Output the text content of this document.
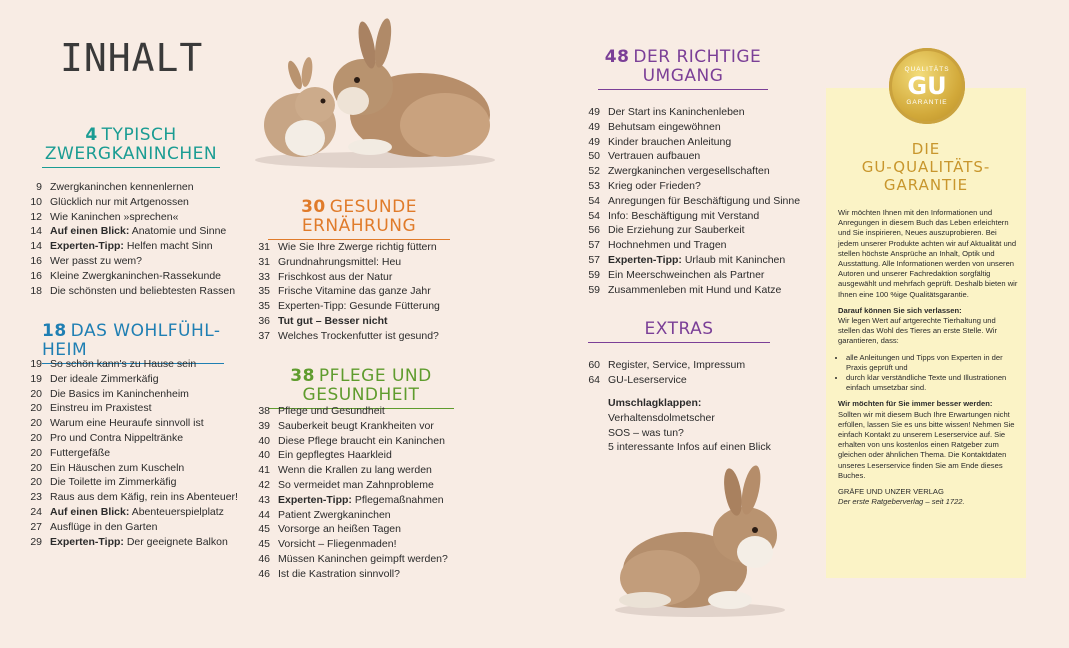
INHALT
4 TYPISCH
ZWERGKANINCHEN
9 Zwergkaninchen kennenlernen
10 Glücklich nur mit Artgenossen
12 Wie Kaninchen »sprechen«
14 Auf einen Blick: Anatomie und Sinne
14 Experten-Tipp: Helfen macht Sinn
16 Wer passt zu wem?
16 Kleine Zwergkaninchen-Rassekunde
18 Die schönsten und beliebtesten Rassen
18 DAS WOHLFÜHL-HEIM
19 So schön kann's zu Hause sein
19 Der ideale Zimmerkäfig
20 Die Basics im Kaninchenheim
20 Einstreu im Praxistest
20 Warum eine Heuraufe sinnvoll ist
20 Pro und Contra Nippeltränke
20 Futtergefäße
20 Ein Häuschen zum Kuscheln
20 Die Toilette im Zimmerkäfig
23 Raus aus dem Käfig, rein ins Abenteuer!
24 Auf einen Blick: Abenteuerspielplatz
27 Ausflüge in den Garten
29 Experten-Tipp: Der geeignete Balkon
30 GESUNDE ERNÄHRUNG
31 Wie Sie Ihre Zwerge richtig füttern
31 Grundnahrungsmittel: Heu
33 Frischkost aus der Natur
35 Frische Vitamine das ganze Jahr
35 Experten-Tipp: Gesunde Fütterung
36 Tut gut – Besser nicht
37 Welches Trockenfutter ist gesund?
38 PFLEGE UND GESUNDHEIT
38 Pflege und Gesundheit
39 Sauberkeit beugt Krankheiten vor
40 Diese Pflege braucht ein Kaninchen
40 Ein gepflegtes Haarkleid
41 Wenn die Krallen zu lang werden
42 So vermeidet man Zahnprobleme
43 Experten-Tipp: Pflegemaßnahmen
44 Patient Zwergkaninchen
45 Vorsorge an heißen Tagen
45 Vorsicht – Fliegenmaden!
46 Müssen Kaninchen geimpft werden?
46 Ist die Kastration sinnvoll?
48 DER RICHTIGE
UMGANG
49 Der Start ins Kaninchenleben
49 Behutsam eingewöhnen
49 Kinder brauchen Anleitung
50 Vertrauen aufbauen
52 Zwergkaninchen vergesellschaften
53 Krieg oder Frieden?
54 Anregungen für Beschäftigung und Sinne
54 Info: Beschäftigung mit Verstand
56 Die Erziehung zur Sauberkeit
57 Hochnehmen und Tragen
57 Experten-Tipp: Urlaub mit Kaninchen
59 Ein Meerschweinchen als Partner
59 Zusammenleben mit Hund und Katze
EXTRAS
60 Register, Service, Impressum
64 GU-Leserservice
Umschlagklappen:
Verhaltensdolmetscher
SOS – was tun?
5 interessante Infos auf einen Blick
QUALITÄTS
GU
GARANTIE
DIE
GU-QUALITÄTS-
GARANTIE

Wir möchten Ihnen mit den Informationen und Anregungen in diesem Buch das Leben erleichtern und Sie inspirieren, Neues auszuprobieren. Bei jedem unserer Produkte achten wir auf Aktualität und stellen höchste Ansprüche an Inhalt, Optik und Ausstattung. Alle Informationen werden von unseren Autoren und unserer Fachredaktion sorgfältig ausgewählt und mehrfach geprüft. Deshalb bieten wir Ihnen eine 100 %ige Qualitätsgarantie.

Darauf können Sie sich verlassen:
Wir legen Wert auf artgerechte Tierhaltung und stellen das Wohl des Tieres an erste Stelle. Wir garantieren, dass:

• alle Anleitungen und Tipps von Experten in der Praxis geprüft und
• durch klar verständliche Texte und Illustrationen einfach umsetzbar sind.

Wir möchten für Sie immer besser werden:
Sollten wir mit diesem Buch Ihre Erwartungen nicht erfüllen, lassen Sie es uns bitte wissen! Nehmen Sie einfach Kontakt zu unserem Leserservice auf. Sie erhalten von uns kostenlos einen Ratgeber zum gleichen oder ähnlichen Thema. Die Kontaktdaten unseres Leserservice finden Sie am Ende dieses Buches.

GRÄFE UND UNZER VERLAG
Der erste Ratgeberverlag – seit 1722.
